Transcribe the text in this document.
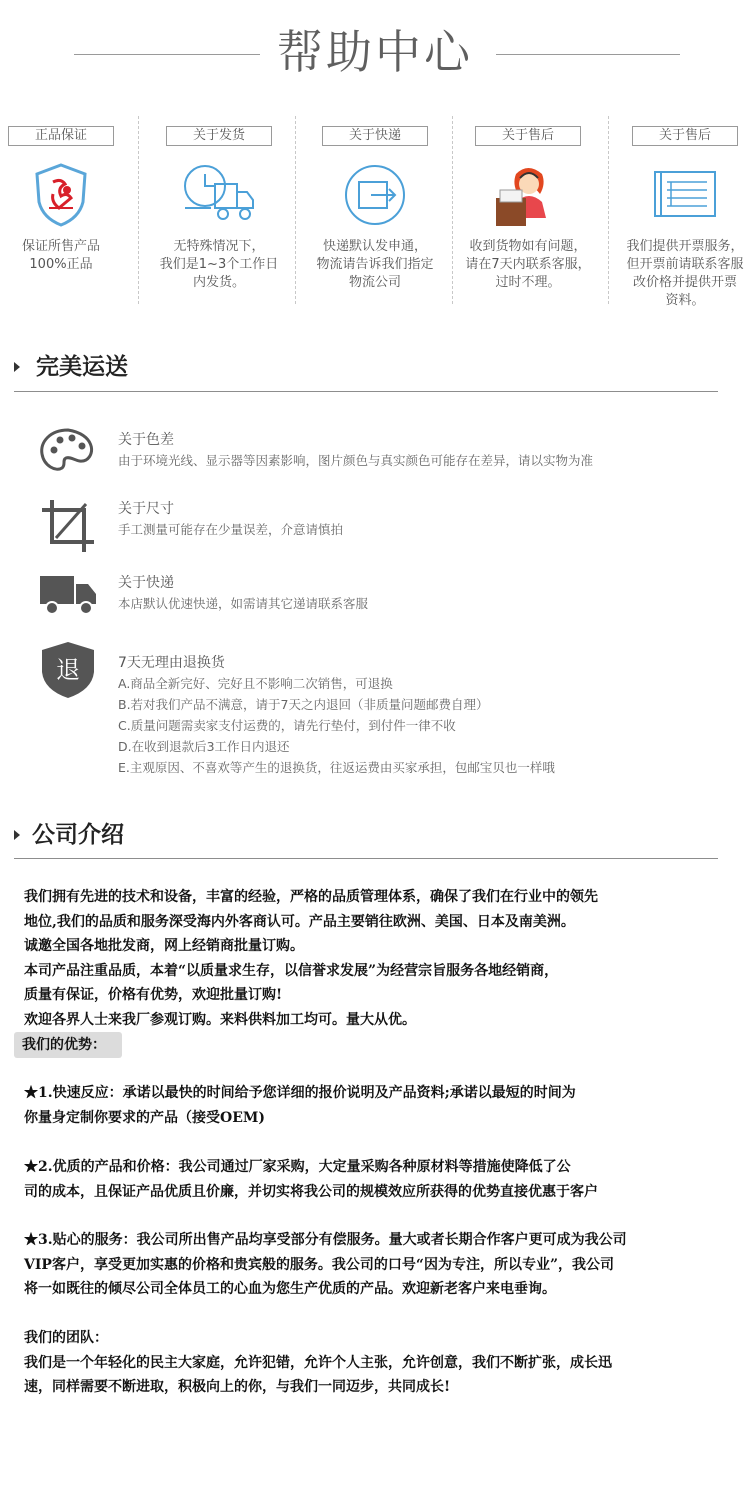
帮助中心
正品保证
保证所售产品
100%正品
关于发货
无特殊情况下，
我们是1~3个工作日
内发货。
关于快递
快递默认发申通，
物流请告诉我们指定
物流公司
关于售后
收到货物如有问题，
请在7天内联系客服，
过时不理。
关于售后
我们提供开票服务，
但开票前请联系客服
改价格并提供开票
资料。
完美运送
关于色差
由于环境光线、显示器等因素影响，图片颜色与真实颜色可能存在差异，请以实物为准
关于尺寸
手工测量可能存在少量误差，介意请慎拍
关于快递
本店默认优速快递，如需请其它递请联系客服
退	7天无理由退换货
A.商品全新完好、完好且不影响二次销售，可退换
B.若对我们产品不满意，请于7天之内退回（非质量问题邮费自理）
C.质量问题需卖家支付运费的，请先行垫付，到付件一律不收
D.在收到退款后3工作日内退还
E.主观原因、不喜欢等产生的退换货，往返运费由买家承担，包邮宝贝也一样哦
公司介绍

我们拥有先进的技术和设备，丰富的经验，严格的品质管理体系，确保了我们在行业中的领先

地位,我们的品质和服务深受海内外客商认可。产品主要销往欧洲、美国、日本及南美洲。

诚邀全国各地批发商，网上经销商批量订购。

本司产品注重品质，本着“以质量求生存，以信誉求发展”为经营宗旨服务各地经销商，

质量有保证，价格有优势，欢迎批量订购!

欢迎各界人士来我厂参观订购。来料供料加工均可。量大从优。

我们的优势：

★1.快速反应：承诺以最快的时间给予您详细的报价说明及产品资料;承诺以最短的时间为

你量身定制你要求的产品（接受OEM)

★2.优质的产品和价格：我公司通过厂家采购，大定量采购各种原材料等措施使降低了公

司的成本，且保证产品优质且价廉，并切实将我公司的规模效应所获得的优势直接优惠于客户

★3.贴心的服务：我公司所出售产品均享受部分有偿服务。量大或者长期合作客户更可成为我公司

VIP客户，享受更加实惠的价格和贵宾般的服务。我公司的口号“因为专注，所以专业”，我公司

将一如既往的倾尽公司全体员工的心血为您生产优质的产品。欢迎新老客户来电垂询。

我们的团队：

我们是一个年轻化的民主大家庭，允许犯错，允许个人主张，允许创意，我们不断扩张，成长迅

速，同样需要不断进取，积极向上的你，与我们一同迈步，共同成长!
